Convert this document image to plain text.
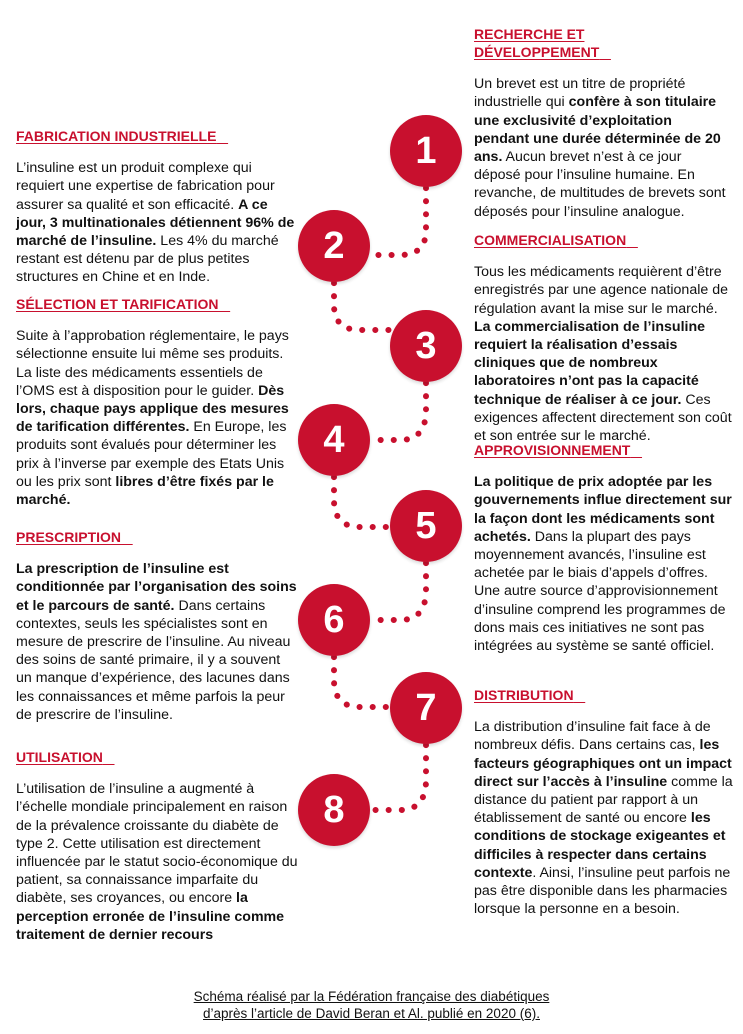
1
2
3
4
5
6
7
8
FABRICATION INDUSTRIELLE

L’insuline est un produit complexe qui requiert une expertise de fabrication pour assurer sa qualité et son efficacité. A ce jour, 3 multinationales détiennent 96% de marché de l’insuline. Les 4% du marché restant est détenu par de plus petites structures en Chine et en Inde.

SÉLECTION ET TARIFICATION

Suite à l’approbation réglementaire, le pays sélectionne ensuite lui même ses produits. La liste des médicaments essentiels de l’OMS est à disposition pour le guider. Dès lors, chaque pays applique des mesures de tarification différentes. En Europe, les produits sont évalués pour déterminer les prix à l’inverse par exemple des Etats Unis ou les prix sont libres d’être fixés par le marché.

PRESCRIPTION

La prescription de l’insuline est conditionnée par l’organisation des soins et le parcours de santé. Dans certains contextes, seuls les spécialistes sont en mesure de prescrire de l’insuline. Au niveau des soins de santé primaire, il y a souvent un manque d’expérience, des lacunes dans les connaissances et même parfois la peur de prescrire de l’insuline.

UTILISATION

L’utilisation de l’insuline a augmenté à l’échelle mondiale principalement en raison de la prévalence croissante du diabète de type 2. Cette utilisation est directement influencée par le statut socio-économique du patient, sa connaissance imparfaite du diabète, ses croyances, ou encore la perception erronée de l’insuline comme traitement de dernier recours

RECHERCHE ET DÉVELOPPEMENT

Un brevet est un titre de propriété industrielle qui confère à son titulaire une exclusivité d’exploitation pendant une durée déterminée de 20 ans. Aucun brevet n’est à ce jour déposé pour l’insuline humaine. En revanche, de multitudes de brevets sont déposés pour l’insuline analogue.

COMMERCIALISATION

Tous les médicaments requièrent d’être enregistrés par une agence nationale de régulation avant la mise sur le marché. La commercialisation de l’insuline requiert la réalisation d’essais cliniques que de nombreux laboratoires n’ont pas la capacité technique de réaliser à ce jour. Ces exigences affectent directement son coût et son entrée sur le marché.

APPROVISIONNEMENT

La politique de prix adoptée par les gouvernements influe directement sur la façon dont les médicaments sont achetés. Dans la plupart des pays moyennement avancés, l’insuline est achetée par le biais d’appels d’offres. Une autre source d’approvisionnement d’insuline comprend les programmes de dons mais ces initiatives ne sont pas intégrées au système se santé officiel.

DISTRIBUTION

La distribution d’insuline fait face à de nombreux défis. Dans certains cas, les facteurs géographiques ont un impact direct sur l’accès à l’insuline comme la distance du patient par rapport à un établissement de santé ou encore les conditions de stockage exigeantes et difficiles à respecter dans certains contexte. Ainsi, l’insuline peut parfois ne pas être disponible dans les pharmacies lorsque la personne en a besoin.

Schéma réalisé par la Fédération française des diabétiques
d’après l’article de David Beran et Al. publié en 2020 (6).
